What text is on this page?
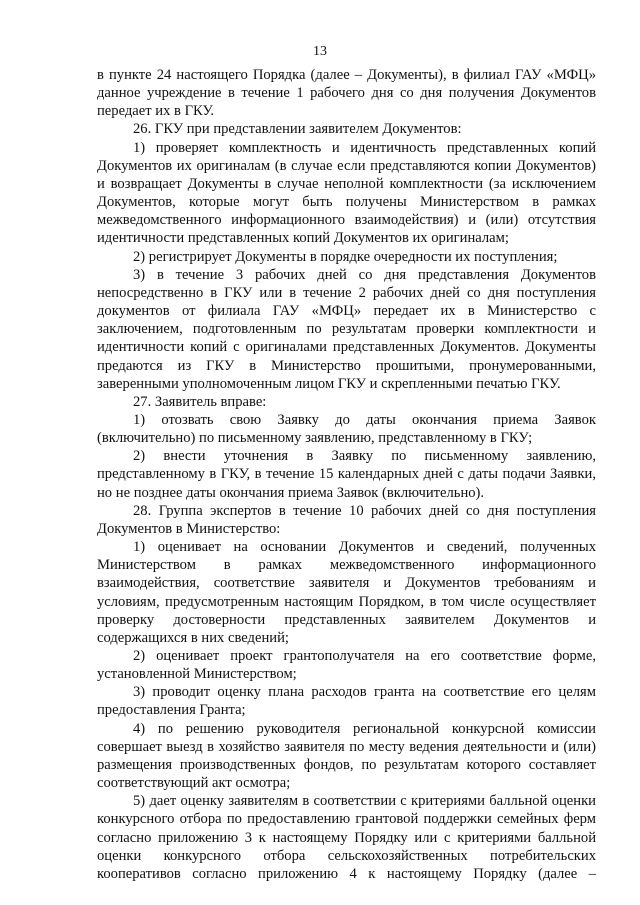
13

в пункте 24 настоящего Порядка (далее – Документы), в филиал ГАУ «МФЦ» данное учреждение в течение 1 рабочего дня со дня получения Документов передает их в ГКУ.

26. ГКУ при представлении заявителем Документов:

1) проверяет комплектность и идентичность представленных копий Документов их оригиналам (в случае если представляются копии Документов) и возвращает Документы в случае неполной комплектности (за исключением Документов, которые могут быть получены Министерством в рамках межведомственного информационного взаимодействия) и (или) отсутствия идентичности представленных копий Документов их оригиналам;

2) регистрирует Документы в порядке очередности их поступления;

3) в течение 3 рабочих дней со дня представления Документов непосредственно в ГКУ или в течение 2 рабочих дней со дня поступления документов от филиала ГАУ «МФЦ» передает их в Министерство с заключением, подготовленным по результатам проверки комплектности и идентичности копий с оригиналами представленных Документов. Документы предаются из ГКУ в Министерство прошитыми, пронумерованными, заверенными уполномоченным лицом ГКУ и скрепленными печатью ГКУ.

27. Заявитель вправе:

1) отозвать свою Заявку до даты окончания приема Заявок (включительно) по письменному заявлению, представленному в ГКУ;

2) внести уточнения в Заявку по письменному заявлению, представленному в ГКУ, в течение 15 календарных дней с даты подачи Заявки, но не позднее даты окончания приема Заявок (включительно).

28. Группа экспертов в течение 10 рабочих дней со дня поступления Документов в Министерство:

1) оценивает на основании Документов и сведений, полученных Министерством в рамках межведомственного информационного взаимодействия, соответствие заявителя и Документов требованиям и условиям, предусмотренным настоящим Порядком, в том числе осуществляет проверку достоверности представленных заявителем Документов и содержащихся в них сведений;

2) оценивает проект грантополучателя на его соответствие форме, установленной Министерством;

3) проводит оценку плана расходов гранта на соответствие его целям предоставления Гранта;

4) по решению руководителя региональной конкурсной комиссии совершает выезд в хозяйство заявителя по месту ведения деятельности и (или) размещения производственных фондов, по результатам которого составляет соответствующий акт осмотра;

5) дает оценку заявителям в соответствии с критериями балльной оценки конкурсного отбора по предоставлению грантовой поддержки семейных ферм согласно приложению 3 к настоящему Порядку или с критериями балльной оценки конкурсного отбора сельскохозяйственных потребительских кооперативов согласно приложению 4 к настоящему Порядку (далее –
